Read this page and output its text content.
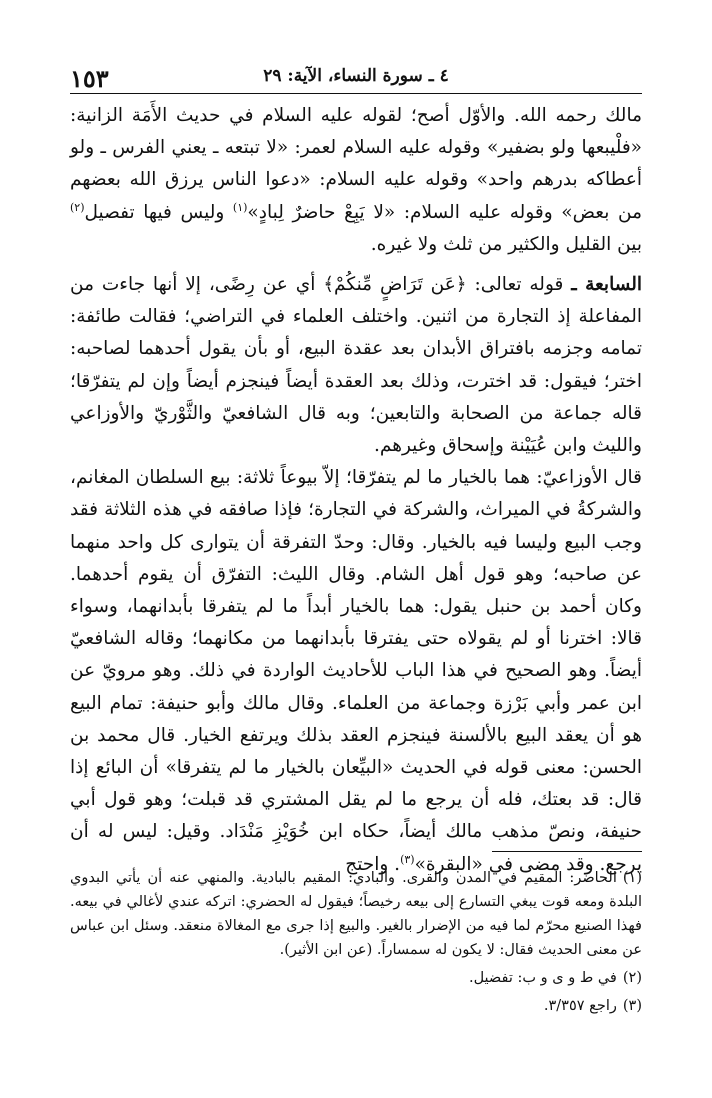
٤ ـ سورة النساء، الآية: ٢٩
١٥٣

مالك رحمه الله. والأوّل أصح؛ لقوله عليه السلام في حديث الأَمَة الزانية: «فلْيبعها ولو بضفير» وقوله عليه السلام لعمر: «لا تبتعه ـ يعني الفرس ـ ولو أعطاكه بدرهم واحد» وقوله عليه السلام: «دعوا الناس يرزق الله بعضهم من بعض» وقوله عليه السلام: «لا يَبِعْ حاضرٌ لِبادٍ»$^{(١)}$ وليس فيها تفصيل$^{(٢)}$ بين القليل والكثير من ثلث ولا غيره.

السابعة ـ قوله تعالى: ﴿عَن تَرَاضٍ مِّنكُمْ﴾ أي عن رِضًى، إلا أنها جاءت من المفاعلة إذ التجارة من اثنين. واختلف العلماء في التراضي؛ فقالت طائفة: تمامه وجزمه بافتراق الأبدان بعد عقدة البيع، أو بأن يقول أحدهما لصاحبه: اختر؛ فيقول: قد اخترت، وذلك بعد العقدة أيضاً فينجزم أيضاً وإن لم يتفرّقا؛ قاله جماعة من الصحابة والتابعين؛ وبه قال الشافعيّ والثَّوْريّ والأوزاعي والليث وابن عُيَيْنة وإسحاق وغيرهم.

قال الأوزاعيّ: هما بالخيار ما لم يتفرّقا؛ إلاّ بيوعاً ثلاثة: بيع السلطان المغانم، والشركةُ في الميراث، والشركة في التجارة؛ فإذا صافقه في هذه الثلاثة فقد وجب البيع وليسا فيه بالخيار. وقال: وحدّ التفرقة أن يتوارى كل واحد منهما عن صاحبه؛ وهو قول أهل الشام. وقال الليث: التفرّق أن يقوم أحدهما. وكان أحمد بن حنبل يقول: هما بالخيار أبداً ما لم يتفرقا بأبدانهما، وسواء قالا: اخترنا أو لم يقولاه حتى يفترقا بأبدانهما من مكانهما؛ وقاله الشافعيّ أيضاً. وهو الصحيح في هذا الباب للأحاديث الواردة في ذلك. وهو مرويّ عن ابن عمر وأبي بَرْزة وجماعة من العلماء. وقال مالك وأبو حنيفة: تمام البيع هو أن يعقد البيع بالألسنة فينجزم العقد بذلك ويرتفع الخيار. قال محمد بن الحسن: معنى قوله في الحديث «البيِّعان بالخيار ما لم يتفرقا» أن البائع إذا قال: قد بعتك، فله أن يرجع ما لم يقل المشتري قد قبلت؛ وهو قول أبي حنيفة، ونصّ مذهب مالك أيضاً، حكاه ابن خُوَيْزِ مَنْدَاد. وقيل: ليس له أن يرجع. وقد مضى في «البقرة»$^{(٣)}$. واحتج

(١)الحاضر: المقيم في المدن والقرى. والبادي: المقيم بالبادية. والمنهي عنه أن يأتي البدوي البلدة ومعه قوت يبغي التسارع إلى بيعه رخيصاً؛ فيقول له الحضري: اتركه عندي لأغالي في بيعه. فهذا الصنيع محرّم لما فيه من الإضرار بالغير. والبيع إذا جرى مع المغالاة منعقد. وسئل ابن عباس عن معنى الحديث فقال: لا يكون له سمساراً. (عن ابن الأثير).

(٢)في ط و ى و ب: تفضيل.

(٣)راجع ٣/٣٥٧.
